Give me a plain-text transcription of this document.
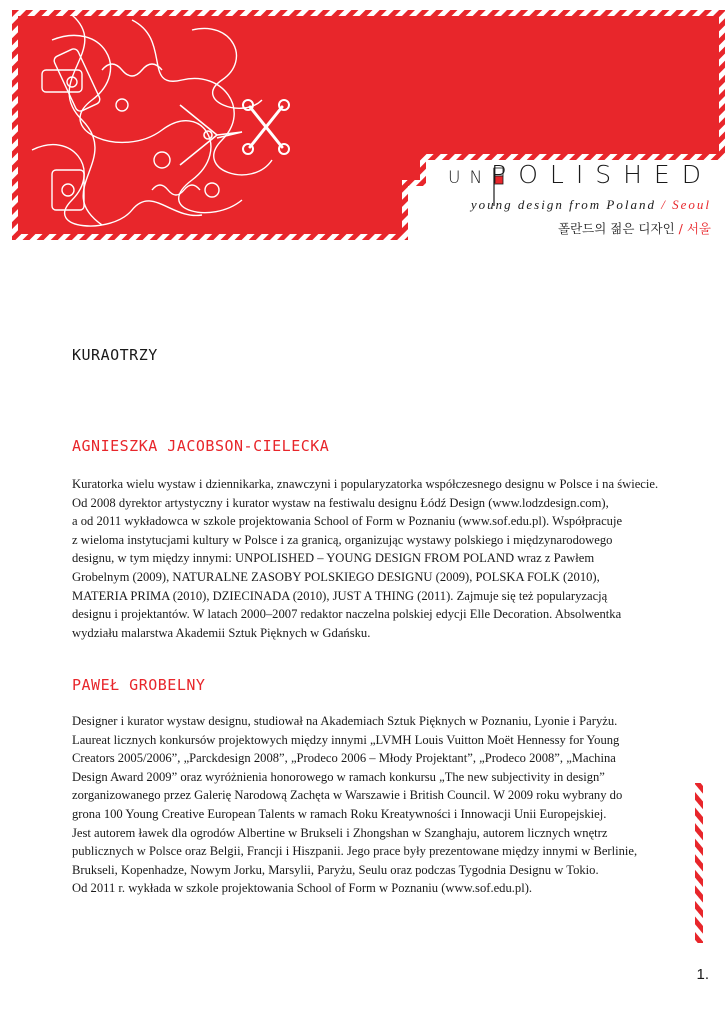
UNPOLISHED
young design from Poland / Seoul
폴란드의 젊은 디자인 / 서울
KURAOTRZY
AGNIESZKA JACOBSON-CIELECKA
Kuratorka wielu wystaw i dziennikarka, znawczyni i popularyzatorka współczesnego designu w Polsce i na świecie.
Od 2008 dyrektor artystyczny i kurator wystaw na festiwalu designu Łódź Design (www.lodzdesign.com),
a od 2011 wykładowca w szkole projektowania School of Form w Poznaniu (www.sof.edu.pl). Współpracuje
z wieloma instytucjami kultury w Polsce i za granicą, organizując wystawy polskiego i międzynarodowego
designu, w tym między innymi: UNPOLISHED – YOUNG DESIGN FROM POLAND wraz z Pawłem
Grobelnym (2009), NATURALNE ZASOBY POLSKIEGO DESIGNU (2009), POLSKA FOLK (2010),
MATERIA PRIMA (2010), DZIECINADA (2010), JUST A THING (2011). Zajmuje się też popularyzacją
designu i projektantów. W latach 2000–2007 redaktor naczelna polskiej edycji Elle Decoration. Absolwentka
wydziału malarstwa Akademii Sztuk Pięknych w Gdańsku.
PAWEŁ GROBELNY
Designer i kurator wystaw designu, studiował na Akademiach Sztuk Pięknych w Poznaniu, Lyonie i Paryżu.
Laureat licznych konkursów projektowych między innymi „LVMH Louis Vuitton Moët Hennessy for Young
Creators 2005/2006”, „Parckdesign 2008”, „Prodeco 2006 – Młody Projektant”, „Prodeco 2008”, „Machina
Design Award 2009” oraz wyróżnienia honorowego w ramach konkursu „The new subjectivity in design”
zorganizowanego przez Galerię Narodową Zachęta w Warszawie i British Council. W 2009 roku wybrany do
grona 100 Young Creative European Talents w ramach Roku Kreatywności i Innowacji Unii Europejskiej.
Jest autorem ławek dla ogrodów Albertine w Brukseli i Zhongshan w Szanghaju, autorem licznych wnętrz
publicznych w Polsce oraz Belgii, Francji i Hiszpanii. Jego prace były prezentowane między innymi w Berlinie,
Brukseli, Kopenhadze, Nowym Jorku, Marsylii, Paryżu, Seulu oraz podczas Tygodnia Designu w Tokio.
Od 2011 r. wykłada w szkole projektowania School of Form w Poznaniu (www.sof.edu.pl).
1.
